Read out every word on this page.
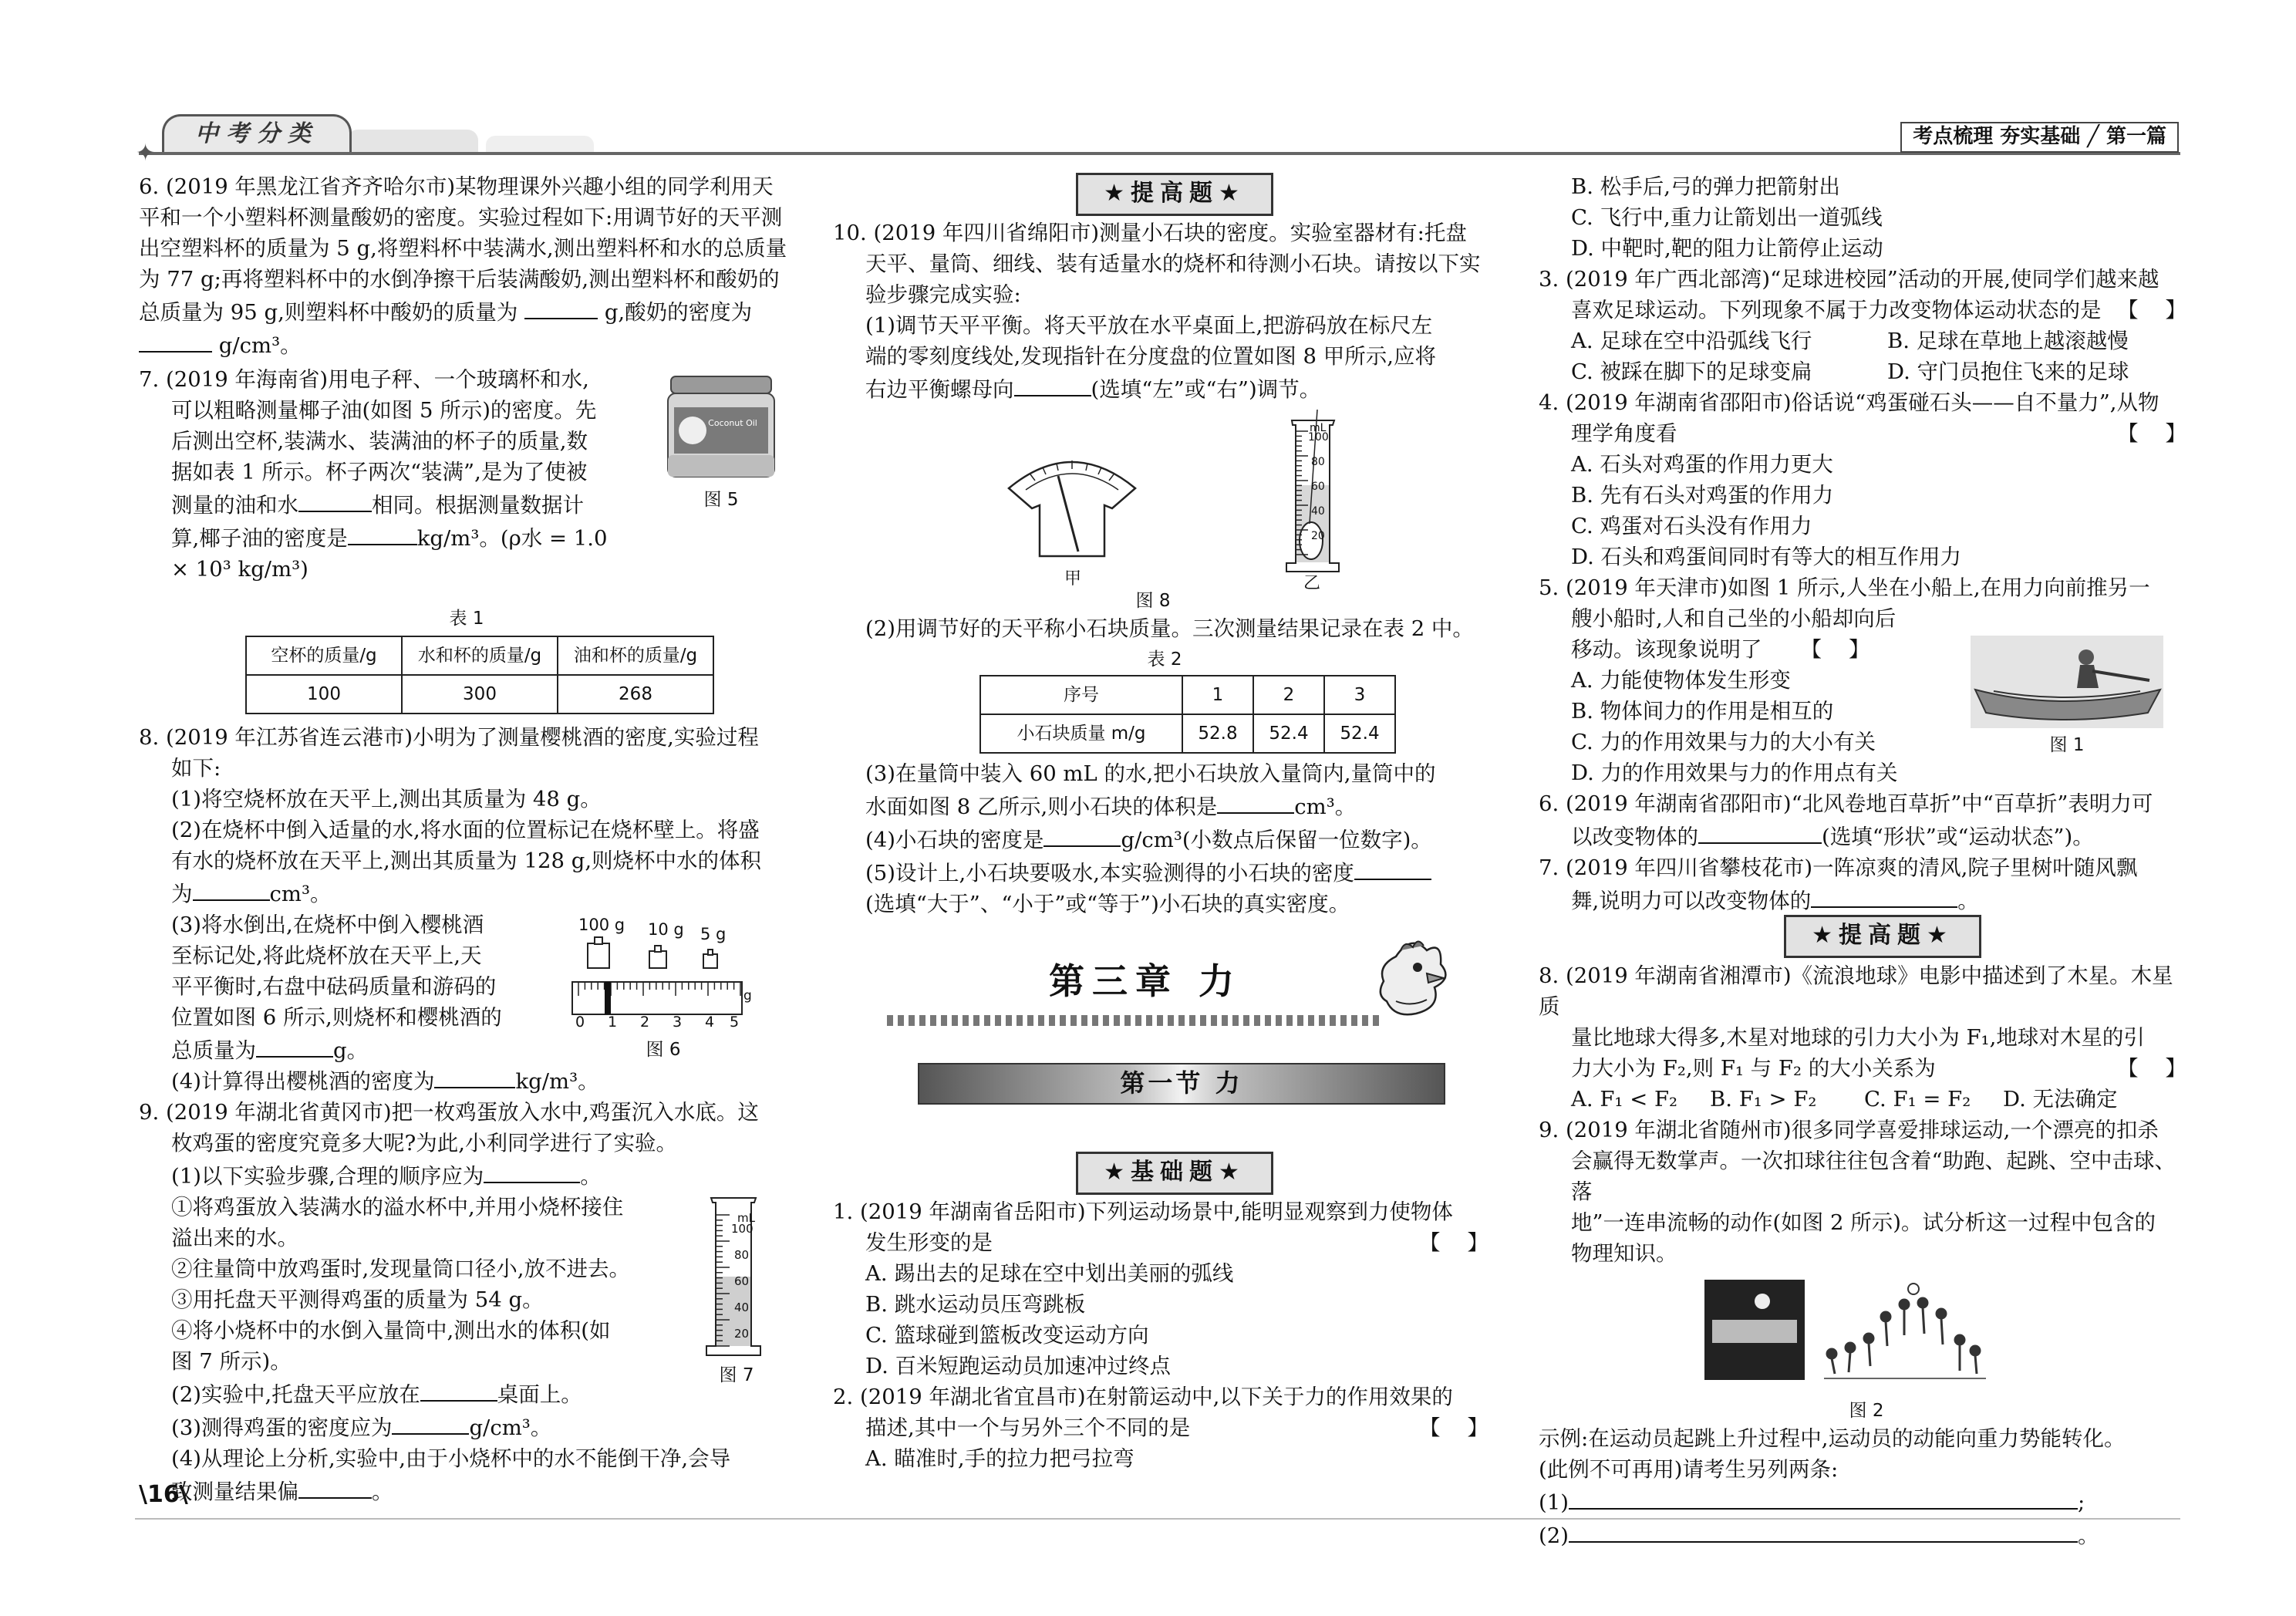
中考分类
✦
考点梳理 夯实基础 ╱ 第一篇
6. (2019 年黑龙江省齐齐哈尔市)某物理课外兴趣小组的同学利用天平和一个小塑料杯测量酸奶的密度。实验过程如下:用调节好的天平测出空塑料杯的质量为 5 g,将塑料杯中装满水,测出塑料杯和水的总质量为 77 g;再将塑料杯中的水倒净擦干后装满酸奶,测出塑料杯和酸奶的总质量为 95 g,则塑料杯中酸奶的质量为	g,酸奶的密度为  g/cm³。

7. (2019 年海南省)用电子秤、一个玻璃杯和水,

可以粗略测量椰子油(如图 5 所示)的密度。先

后测出空杯,装满水、装满油的杯子的质量,数

据如表 1 所示。杯子两次“装满”,是为了使被

测量的油和水	相同。根据测量数据计

算,椰子油的密度是	kg/m³。(ρ水 = 1.0

× 10³ kg/m³)

Coconut Oil
图 5
表 1
空杯的质量/g	水和杯的质量/g	油和杯的质量/g
100	300	268

8. (2019 年江苏省连云港市)小明为了测量樱桃酒的密度,实验过程

如下:

(1)将空烧杯放在天平上,测出其质量为 48 g。

(2)在烧杯中倒入适量的水,将水面的位置标记在烧杯壁上。将盛

有水的烧杯放在天平上,测出其质量为 128 g,则烧杯中水的体积

为	cm³。

(3)将水倒出,在烧杯中倒入樱桃酒

至标记处,将此烧杯放在天平上,天

平平衡时,右盘中砝码质量和游码的

位置如图 6 所示,则烧杯和樱桃酒的

总质量为	g。

100 g 10 g 5 g
0 1 2 3 4 5
g
图 6

(4)计算得出樱桃酒的密度为	kg/m³。

9. (2019 年湖北省黄冈市)把一枚鸡蛋放入水中,鸡蛋沉入水底。这

枚鸡蛋的密度究竟多大呢?为此,小利同学进行了实验。

(1)以下实验步骤,合理的顺序应为	。

①将鸡蛋放入装满水的溢水杯中,并用小烧杯接住

溢出来的水。

②往量筒中放鸡蛋时,发现量筒口径小,放不进去。

③用托盘天平测得鸡蛋的质量为 54 g。

④将小烧杯中的水倒入量筒中,测出水的体积(如

图 7 所示)。

mL
100
80
60
40
20
图 7

(2)实验中,托盘天平应放在	桌面上。

(3)测得鸡蛋的密度应为	g/cm³。

(4)从理论上分析,实验中,由于小烧杯中的水不能倒干净,会导

致测量结果偏	。

★提高题★

10. (2019 年四川省绵阳市)测量小石块的密度。实验室器材有:托盘

天平、量筒、细线、装有适量水的烧杯和待测小石块。请按以下实

验步骤完成实验:

(1)调节天平平衡。将天平放在水平桌面上,把游码放在标尺左

端的零刻度线处,发现指针在分度盘的位置如图 8 甲所示,应将

右边平衡螺母向	(选填“左”或“右”)调节。

mL
100
80
60
40
20
甲	乙
图 8

(2)用调节好的天平称小石块质量。三次测量结果记录在表 2 中。

表 2
序号	1	2	3
小石块质量 m/g	52.8	52.4	52.4

(3)在量筒中装入 60 mL 的水,把小石块放入量筒内,量筒中的

水面如图 8 乙所示,则小石块的体积是	cm³。

(4)小石块的密度是	g/cm³(小数点后保留一位数字)。

(5)设计上,小石块要吸水,本实验测得的小石块的密度

(选填“大于”、“小于”或“等于”)小石块的真实密度。

第三章 力
第一节 力
★基础题★

1. (2019 年湖南省岳阳市)下列运动场景中,能明显观察到力使物体

发生形变的是	【    】

A. 踢出去的足球在空中划出美丽的弧线

B. 跳水运动员压弯跳板

C. 篮球碰到篮板改变运动方向

D. 百米短跑运动员加速冲过终点

2. (2019 年湖北省宜昌市)在射箭运动中,以下关于力的作用效果的

描述,其中一个与另外三个不同的是	【    】

A. 瞄准时,手的拉力把弓拉弯

B. 松手后,弓的弹力把箭射出

C. 飞行中,重力让箭划出一道弧线

D. 中靶时,靶的阻力让箭停止运动

3. (2019 年广西北部湾)“足球进校园”活动的开展,使同学们越来越

喜欢足球运动。下列现象不属于力改变物体运动状态的是 【    】

A. 足球在空中沿弧线飞行	B. 足球在草地上越滚越慢

C. 被踩在脚下的足球变扁	D. 守门员抱住飞来的足球

4. (2019 年湖南省邵阳市)俗话说“鸡蛋碰石头——自不量力”,从物

理学角度看	【    】

A. 石头对鸡蛋的作用力更大

B. 先有石头对鸡蛋的作用力

C. 鸡蛋对石头没有作用力

D. 石头和鸡蛋间同时有等大的相互作用力

5. (2019 年天津市)如图 1 所示,人坐在小船上,在用力向前推另一

艘小船时,人和自己坐的小船却向后

移动。该现象说明了 【    】

A. 力能使物体发生形变

B. 物体间力的作用是相互的

C. 力的作用效果与力的大小有关

D. 力的作用效果与力的作用点有关

图 1

6. (2019 年湖南省邵阳市)“北风卷地百草折”中“百草折”表明力可

以改变物体的	(选填“形状”或“运动状态”)。

7. (2019 年四川省攀枝花市)一阵凉爽的清风,院子里树叶随风飘

舞,说明力可以改变物体的	。

★提高题★

8. (2019 年湖南省湘潭市)《流浪地球》电影中描述到了木星。木星质

量比地球大得多,木星对地球的引力大小为 F₁,地球对木星的引

力大小为 F₂,则 F₁ 与 F₂ 的大小关系为	【    】

A. F₁ < F₂ B. F₁ > F₂ C. F₁ = F₂ D. 无法确定

9. (2019 年湖北省随州市)很多同学喜爱排球运动,一个漂亮的扣杀

会赢得无数掌声。一次扣球往往包含着“助跑、起跳、空中击球、落

地”一连串流畅的动作(如图 2 所示)。试分析这一过程中包含的

物理知识。

图 2

示例:在运动员起跳上升过程中,运动员的动能向重力势能转化。

(此例不可再用)请考生另列两条:

(1)	;

(2)	。

\16\
